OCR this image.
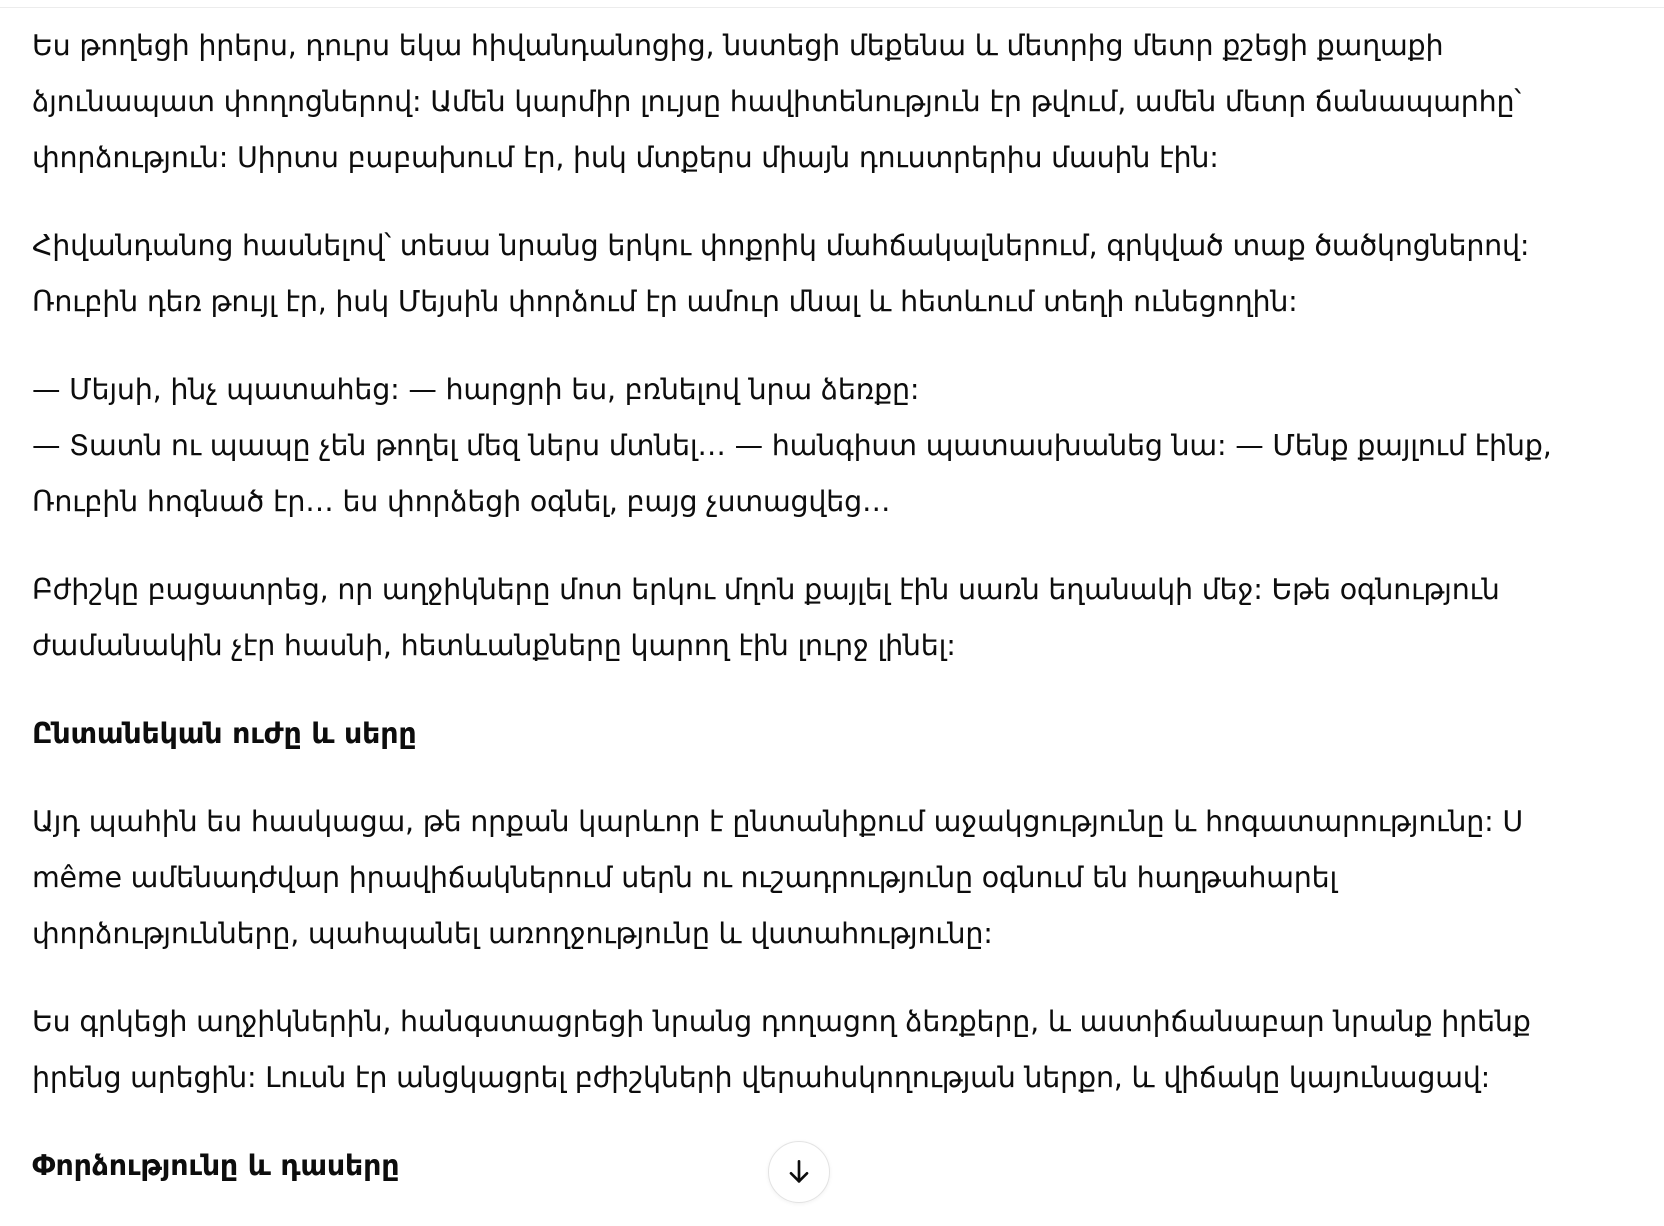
Ես թողեցի իրերս, դուրս եկա հիվանդանոցից, նստեցի մեքենա և մետրից մետր քշեցի քաղաքի
ձյունապատ փողոցներով: Ամեն կարմիր լույսը հավիտենություն էր թվում, ամեն մետր ճանապարհը՝
փորձություն: Սիրտս բաբախում էր, իսկ մտքերս միայն դուստրերիս մասին էին:

Հիվանդանոց հասնելով՝ տեսա նրանց երկու փոքրիկ մահճակալներում, գրկված տաք ծածկոցներով:
Ռուբին դեռ թույլ էր, իսկ Մեյսին փորձում էր ամուր մնալ և հետևում տեղի ունեցողին:

— Մեյսի, ինչ պատահեց: — հարցրի ես, բռնելով նրա ձեռքը:
— Տատն ու պապը չեն թողել մեզ ներս մտնել… — հանգիստ պատասխանեց նա: — Մենք քայլում էինք,
Ռուբին հոգնած էր… ես փորձեցի օգնել, բայց չստացվեց…

Բժիշկը բացատրեց, որ աղջիկները մոտ երկու մղոն քայլել էին սառն եղանակի մեջ: Եթե օգնություն
ժամանակին չէր հասնի, հետևանքները կարող էին լուրջ լինել:

Ընտանեկան ուժը և սերը

Այդ պահին ես հասկացա, թե որքան կարևոր է ընտանիքում աջակցությունը և հոգատարությունը: Ս
même ամենադժվար իրավիճակներում սերն ու ուշադրությունը օգնում են հաղթահարել
փորձությունները, պահպանել առողջությունը և վստահությունը:

Ես գրկեցի աղջիկներին, հանգստացրեցի նրանց դողացող ձեռքերը, և աստիճանաբար նրանք իրենք
իրենց արեցին: Լուսն էր անցկացրել բժիշկների վերահսկողության ներքո, և վիճակը կայունացավ:

Փորձությունը և դասերը
